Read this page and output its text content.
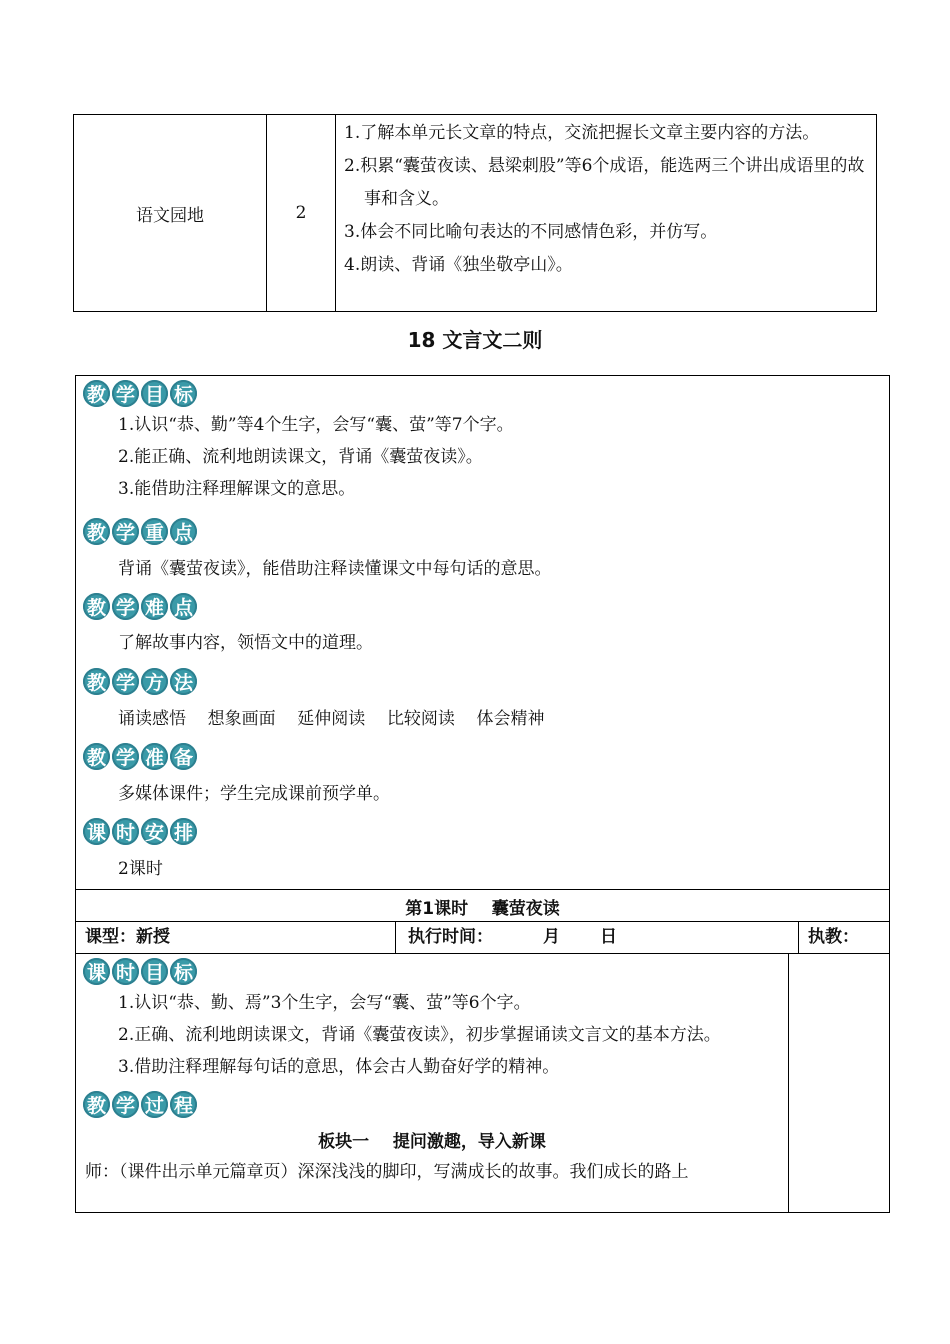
语文园地	2

1.了解本单元长文章的特点，交流把握长文章主要内容的方法。

2.积累“囊萤夜读、悬梁刺股”等6个成语，能选两三个讲出成语里的故事和含义。

3.体会不同比喻句表达的不同感情色彩，并仿写。

4.朗读、背诵《独坐敬亭山》。

18 文言文二则
教 学 目 标

1.认识“恭、勤”等4个生字，会写“囊、萤”等7个字。

2.能正确、流利地朗读课文，背诵《囊萤夜读》。

3.能借助注释理解课文的意思。

教 学 重 点

背诵《囊萤夜读》，能借助注释读懂课文中每句话的意思。

教 学 难 点

了解故事内容，领悟文中的道理。

教 学 方 法

诵读感悟    想象画面    延伸阅读    比较阅读    体会精神

教 学 准 备

多媒体课件；学生完成课前预学单。

课 时 安 排

2课时

第1课时    囊萤夜读
课型：新授	执行时间：	月 日	执教：
课 时 目 标

1.认识“恭、勤、焉”3个生字，会写“囊、萤”等6个字。

2.正确、流利地朗读课文，背诵《囊萤夜读》，初步掌握诵读文言文的基本方法。

3.借助注释理解每句话的意思，体会古人勤奋好学的精神。

教 学 过 程

板块一    提问激趣，导入新课

师：（课件出示单元篇章页）深深浅浅的脚印，写满成长的故事。我们成长的路上
